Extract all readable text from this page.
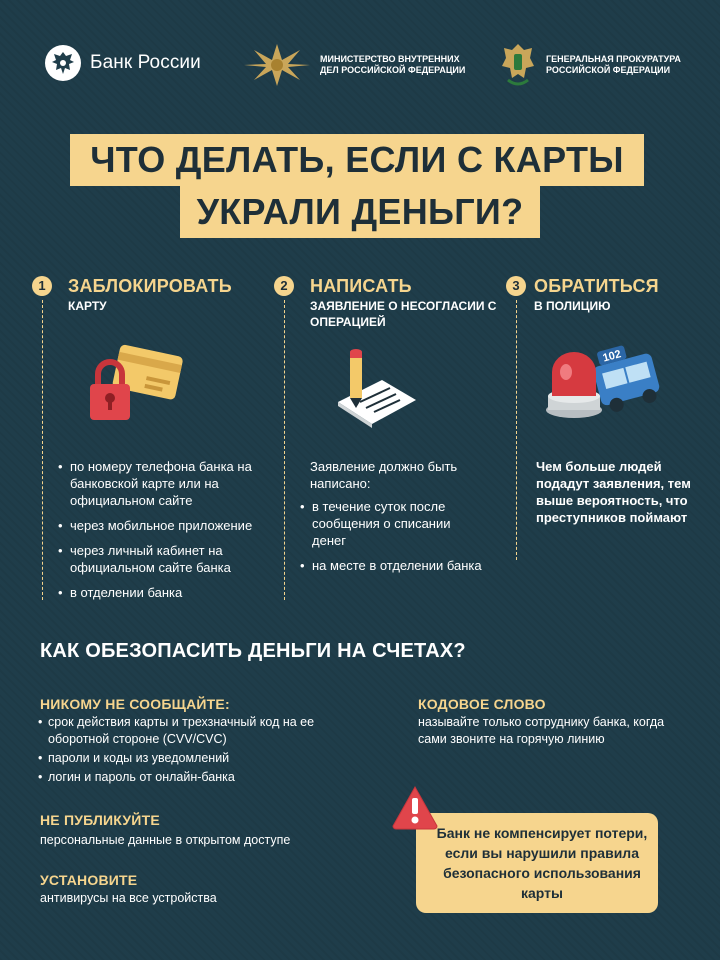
Банк России	МИНИСТЕРСТВО ВНУТРЕННИХ ДЕЛ РОССИЙСКОЙ ФЕДЕРАЦИИ
ГЕНЕРАЛЬНАЯ ПРОКУРАТУРА РОССИЙСКОЙ ФЕДЕРАЦИИ
ЧТО ДЕЛАТЬ, ЕСЛИ С КАРТЫ
УКРАЛИ ДЕНЬГИ?
1	ЗАБЛОКИРОВАТЬ
КАРТУ
• по номеру телефона банка на банковской карте или на официальном сайте
• через мобильное приложение
• через личный кабинет на официальном сайте банка
• в отделении банка
2	НАПИСАТЬ
ЗАЯВЛЕНИЕ О НЕСОГЛАСИИ С ОПЕРАЦИЕЙ
Заявление должно быть написано:
• в течение суток после сообщения о списании денег
• на месте в отделении банка
3 ОБРАТИТЬСЯ
В ПОЛИЦИЮ
102
Чем больше людей подадут заявления, тем выше вероятность, что преступников поймают
КАК ОБЕЗОПАСИТЬ ДЕНЬГИ НА СЧЕТАХ?
НИКОМУ НЕ СООБЩАЙТЕ:
• срок действия карты и трехзначный код на ее оборотной стороне (CVV/CVC)
• пароли и коды из уведомлений
• логин и пароль от онлайн-банка
НЕ ПУБЛИКУЙТЕ
персональные данные в открытом доступе
УСТАНОВИТЕ
антивирусы на все устройства
КОДОВОЕ СЛОВО
называйте только сотруднику банка, когда сами звоните на горячую линию
Банк не компенсирует потери, если вы нарушили правила безопасного использования карты
